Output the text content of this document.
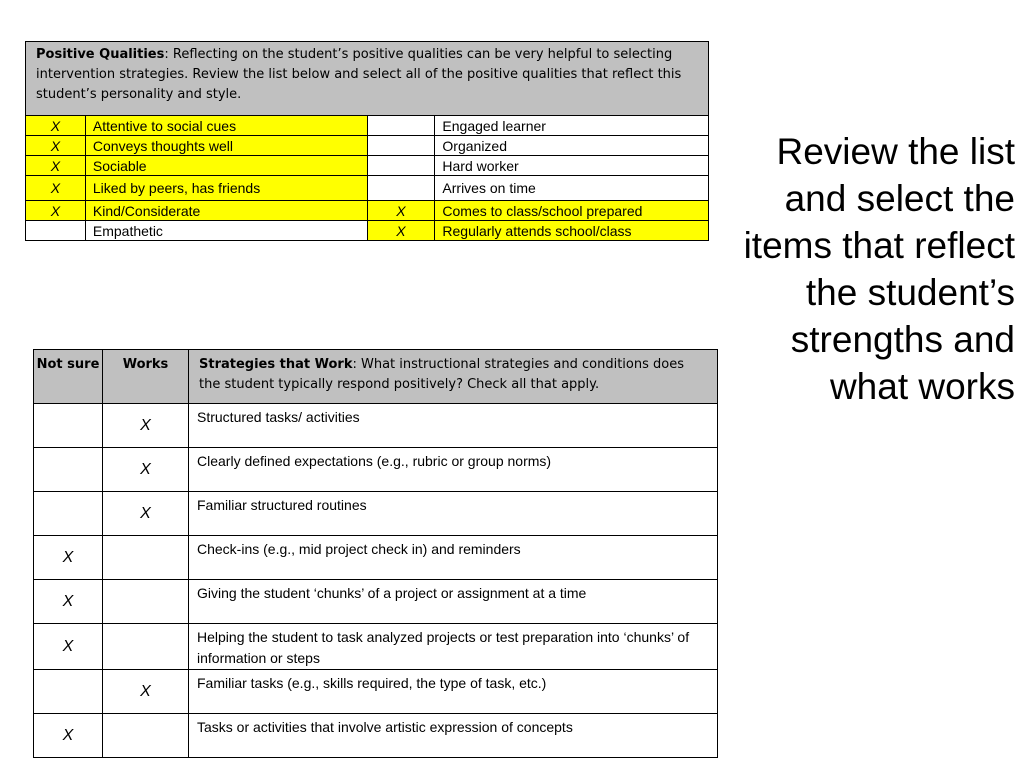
Positive Qualities: Reflecting on the student’s positive qualities can be very helpful to selecting intervention strategies. Review the list below and select all of the positive qualities that reflect this student’s personality and style.			
X	Attentive to social cues		Engaged learner
X	Conveys thoughts well		Organized
X	Sociable		Hard worker
X	Liked by peers, has friends		Arrives on time
X	Kind/Considerate	X	Comes to class/school prepared
	Empathetic	X	Regularly attends school/class
Not sure	Works	Strategies that Work: What instructional strategies and conditions does the student typically respond positively? Check all that apply.
	X	Structured tasks/ activities
	X	Clearly defined expectations (e.g., rubric or group norms)
	X	Familiar structured routines
X		Check-ins (e.g., mid project check in) and reminders
X		Giving the student ‘chunks’ of a project or assignment at a time
X		Helping the student to task analyzed projects or test preparation into ‘chunks’ of information or steps
	X	Familiar tasks (e.g., skills required, the type of task, etc.)
X		Tasks or activities that involve artistic expression of concepts
Review the list and select the items that reflect the student’s strengths and what works
